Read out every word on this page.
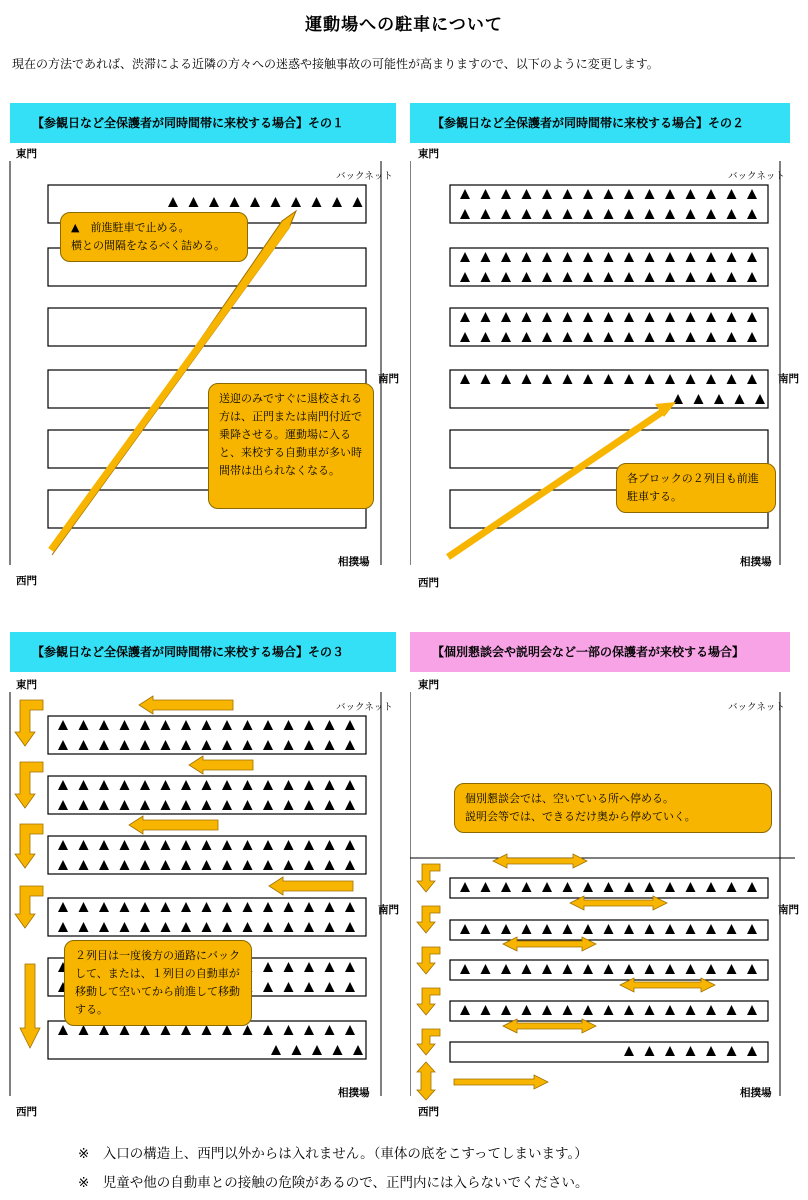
運動場への駐車について
現在の方法であれば、渋滞による近隣の方々への迷惑や接触事故の可能性が高まりますので、以下のように変更します。
【参観日など全保護者が同時間帯に来校する場合】その１	【参観日など全保護者が同時間帯に来校する場合】その２
【参観日など全保護者が同時間帯に来校する場合】その３	【個別懇談会や説明会など一部の保護者が来校する場合】
東門
バックネット
南門
相撲場
西門
▲　前進駐車で止める。
横との間隔をなるべく詰める。
送迎のみですぐに退校される方は、正門または南門付近で乗降させる。運動場に入ると、来校する自動車が多い時間帯は出られなくなる。
東門
バックネット
南門
相撲場
西門
各ブロックの２列目も前進駐車する。
東門
バックネット
南門
相撲場
西門
２列目は一度後方の通路にバックして、または、１列目の自動車が移動して空いてから前進して移動する。
東門
バックネット
南門
相撲場
西門
個別懇談会では、空いている所へ停める。
説明会等では、できるだけ奥から停めていく。
※　入口の構造上、西門以外からは入れません。（車体の底をこすってしまいます。）
※　児童や他の自動車との接触の危険があるので、正門内には入らないでください。
